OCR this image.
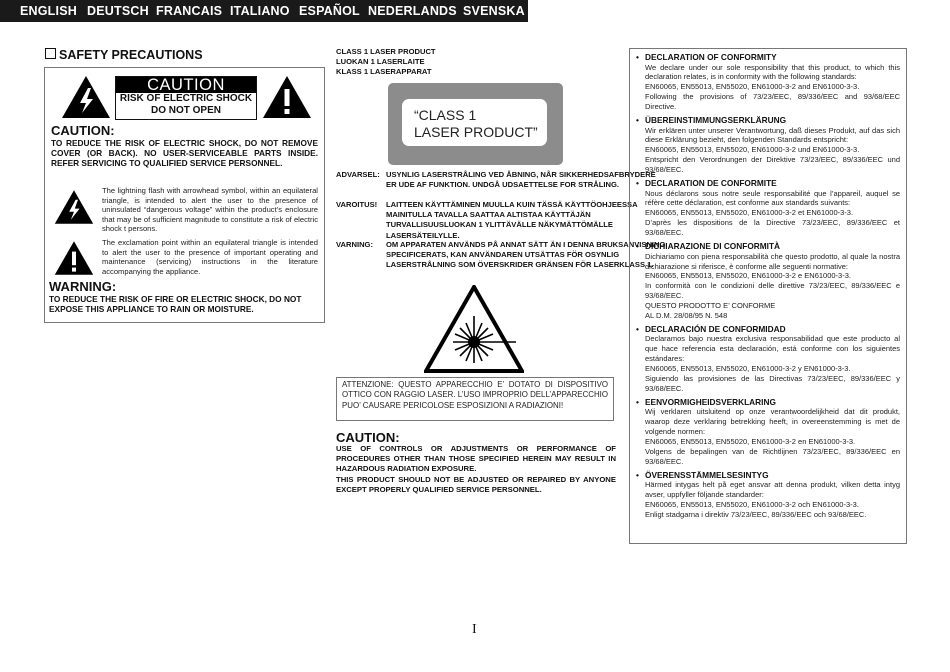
ENGLISH DEUTSCH FRANCAIS ITALIANO ESPAÑOL NEDERLANDS SVENSKA
SAFETY PRECAUTIONS
CAUTION
RISK OF ELECTRIC SHOCK
DO NOT OPEN
CAUTION:
TO REDUCE THE RISK OF ELECTRIC SHOCK, DO NOT REMOVE COVER (OR BACK). NO USER-SERVICEABLE PARTS INSIDE. REFER SERVICING TO QUALIFIED SERVICE PERSONNEL.
The lightning flash with arrowhead symbol, within an equilateral triangle, is intended to alert the user to the presence of uninsulated “dangerous voltage” within the product’s enclosure that may be of sufficient magnitude to constitute a risk of electric shock t persons.
The exclamation point within an equilateral triangle is intended to alert the user to the presence of important operating and maintenance (servicing) instructions in the literature accompanying the appliance.
WARNING:
TO REDUCE THE RISK OF FIRE OR ELECTRIC SHOCK, DO NOT EXPOSE THIS APPLIANCE TO RAIN OR MOISTURE.
CLASS 1 LASER PRODUCT
LUOKAN 1 LASERLAITE
KLASS 1 LASERAPPARAT
“CLASS 1
LASER PRODUCT”
ADVARSEL: USYNLIG LASERSTRÅLING VED ÅBNING, NÅR SIKKERHEDSAFBRYDERE ER UDE AF FUNKTION. UNDGÅ UDSAETTELSE FOR STRÅLING.
VAROITUS! LAITTEEN KÄYTTÄMINEN MUULLA KUIN TÄSSÄ KÄYTTÖOHJEESSA MAINITULLA TAVALLA SAATTAA ALTISTAA KÄYTTÄJÄN TURVALLISUUSLUOKAN 1 YLITTÄVÄLLE NÄKYMÄTTÖMÄLLE LASERSÄTEILYLLE.
VARNING: OM APPARATEN ANVÄNDS PÅ ANNAT SÄTT ÄN I DENNA BRUKSANVISNING SPECIFICERATS, KAN ANVÄNDAREN UTSÄTTAS FÖR OSYNLIG LASERSTRÅLNING SOM ÖVERSKRIDER GRÄNSEN FÖR LASERKLASS 1.
ATTENZIONE: QUESTO APPARECCHIO E’ DOTATO DI DISPOSITIVO OTTICO CON RAGGIO LASER. L’USO IMPROPRIO DELL’APPARECCHIO PUO’ CAUSARE PERICOLOSE ESPOSIZIONI A RADIAZIONI!
CAUTION:
USE OF CONTROLS OR ADJUSTMENTS OR PERFORMANCE OF PROCEDURES OTHER THAN THOSE SPECIFIED HEREIN MAY RESULT IN HAZARDOUS RADIATION EXPOSURE.
THIS PRODUCT SHOULD NOT BE ADJUSTED OR REPAIRED BY ANYONE EXCEPT PROPERLY QUALIFIED SERVICE PERSONNEL.
• DECLARATION OF CONFORMITY
We declare under our sole responsibility that this product, to which this declaration relates, is in conformity with the following standards:
EN60065, EN55013, EN55020, EN61000-3-2 and EN61000-3-3.
Following the provisions of 73/23/EEC, 89/336/EEC and 93/68/EEC Directive.
• ÜBEREINSTIMMUNGSERKLÄRUNG
Wir erklären unter unserer Verantwortung, daß dieses Produkt, auf das sich diese Erklärung bezieht, den folgenden Standards entspricht:
EN60065, EN55013, EN55020, EN61000-3-2 und EN61000-3-3.
Entspricht den Verordnungen der Direktive 73/23/EEC, 89/336/EEC und 93/68/EEC.
• DECLARATION DE CONFORMITE
Nous déclarons sous notre seule responsabilité que l’appareil, auquel se réfère cette déclaration, est conforme aux standards suivants:
EN60065, EN55013, EN55020, EN61000-3-2 et EN61000-3-3.
D’après les dispositions de la Directive 73/23/EEC, 89/336/EEC et 93/68/EEC.
• DICHIARAZIONE DI CONFORMITÀ
Dichiariamo con piena responsabilità che questo prodotto, al quale la nostra dichiarazione si riferisce, è conforme alle seguenti normative:
EN60065, EN55013, EN55020, EN61000-3-2 e EN61000-3-3.
In conformità con le condizioni delle direttive 73/23/EEC, 89/336/EEC e 93/68/EEC.
QUESTO PRODOTTO E’ CONFORME
AL D.M. 28/08/95 N. 548
• DECLARACIÓN DE CONFORMIDAD
Declaramos bajo nuestra exclusiva responsabilidad que este producto al que hace referencia esta declaración, está conforme con los siguientes estándares:
EN60065, EN55013, EN55020, EN61000-3-2 y EN61000-3-3.
Siguiendo las provisiones de las Directivas 73/23/EEC, 89/336/EEC y 93/68/EEC.
• EENVORMIGHEIDSVERKLARING
Wij verklaren uitsluitend op onze verantwoordelijkheid dat dit produkt, waarop deze verklaring betrekking heeft, in overeenstemming is met de volgende normen:
EN60065, EN55013, EN55020, EN61000-3-2 en EN61000-3-3.
Volgens de bepalingen van de Richtlijnen 73/23/EEC, 89/336/EEC en 93/68/EEC.
• ÖVERENSSTÄMMELSESINTYG
Härmed intygas helt på eget ansvar att denna produkt, vilken detta intyg avser, uppfyller följande standarder:
EN60065, EN55013, EN55020, EN61000-3-2 och EN61000-3-3.
Enligt stadgarna i direktiv 73/23/EEC, 89/336/EEC och 93/68/EEC.
I
